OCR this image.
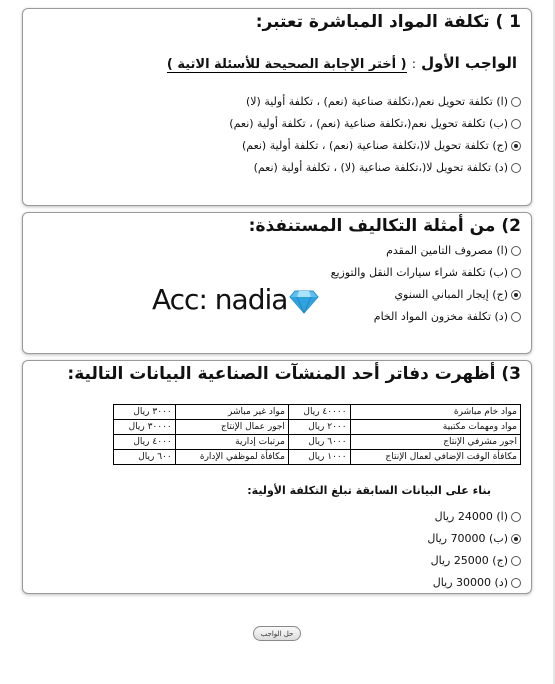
1 ) تكلفة المواد المباشرة تعتبر:
الواجب الأول : ( أختر الإجابة الصحيحة للأسئلة الاتية )
(ا) تكلفة تحويل نعم(،تكلفة صناعية (نعم) ، تكلفة أولية (لا)
(ب) تكلفة تحويل نعم(،تكلفة صناعية (نعم) ، تكلفة أولية (نعم)
(ج) تكلفة تحويل لا(،تكلفة صناعية (نعم) ، تكلفة أولية (نعم)
(د) تكلفة تحويل لا(،تكلفة صناعية (لا) ، تكلفة أولية (نعم)
2) من أمثلة التكاليف المستنفذة:
(ا) مصروف التامين المقدم
(ب) تكلفة شراء سيارات النقل والتوزيع
(ج) إيجار المباني السنوي
(د) تكلفة مخزون المواد الخام
Acc: nadia
3) أظهرت دفاتر أحد المنشآت الصناعية البيانات التالية:
مواد خام مباشرة	٤٠٠٠٠ ريال	مواد غير مباشر	٣٠٠٠ ريال
مواد ومهمات مكتبية	٢٠٠٠ ريال	اجور عمال الإنتاج	٣٠٠٠٠ ريال
اجور مشرفي الإنتاج	٦٠٠٠ ريال	مرتبات إدارية	٤٠٠٠ ريال
مكافأة الوقت الإضافي لعمال الإنتاج	١٠٠٠ ريال	مكافأة لموظفي الإدارة	٦٠٠ ريال
بناء على البيانات السابقة تبلغ التكلفة الأولية:
(ا) 24000 ريال
(ب) 70000 ريال
(ج) 25000 ريال
(د) 30000 ريال
حل الواجب
